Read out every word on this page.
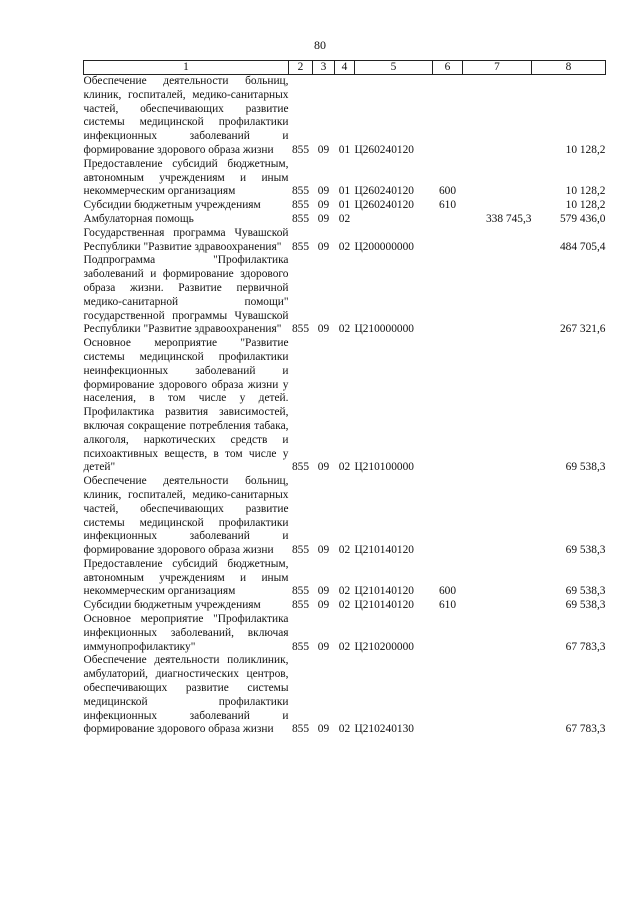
80
1	2	3	4	5	6	7	8
Обеспечение деятельности больниц, клиник, госпиталей, медико-санитарных частей, обеспечивающих развитие системы медицинской профилактики инфекционных заболеваний и формирование здорового образа жизни	855	09	01	Ц260240120			10 128,2
Предоставление субсидий бюджетным, автономным учреждениям и иным некоммерческим организациям	855	09	01	Ц260240120	600		10 128,2
Субсидии бюджетным учреждениям	855	09	01	Ц260240120	610		10 128,2
Амбулаторная помощь	855	09	02			338 745,3	579 436,0
Государственная программа Чувашской Республики "Развитие здравоохранения"	855	09	02	Ц200000000			484 705,4
Подпрограмма "Профилактика заболеваний и формирование здорового образа жизни. Развитие первичной медико-санитарной помощи" государственной программы Чувашской Республики "Развитие здравоохранения"	855	09	02	Ц210000000			267 321,6
Основное мероприятие "Развитие системы медицинской профилактики неинфекционных заболеваний и формирование здорового образа жизни у населения, в том числе у детей. Профилактика развития зависимостей, включая сокращение потребления табака, алкоголя, наркотических средств и психоактивных веществ, в том числе у детей"	855	09	02	Ц210100000			69 538,3
Обеспечение деятельности больниц, клиник, госпиталей, медико-санитарных частей, обеспечивающих развитие системы медицинской профилактики инфекционных заболеваний и формирование здорового образа жизни	855	09	02	Ц210140120			69 538,3
Предоставление субсидий бюджетным, автономным учреждениям и иным некоммерческим организациям	855	09	02	Ц210140120	600		69 538,3
Субсидии бюджетным учреждениям	855	09	02	Ц210140120	610		69 538,3
Основное мероприятие "Профилактика инфекционных заболеваний, включая иммунопрофилактику"	855	09	02	Ц210200000			67 783,3
Обеспечение деятельности поликлиник, амбулаторий, диагностических центров, обеспечивающих развитие системы медицинской профилактики инфекционных заболеваний и формирование здорового образа жизни	855	09	02	Ц210240130			67 783,3
